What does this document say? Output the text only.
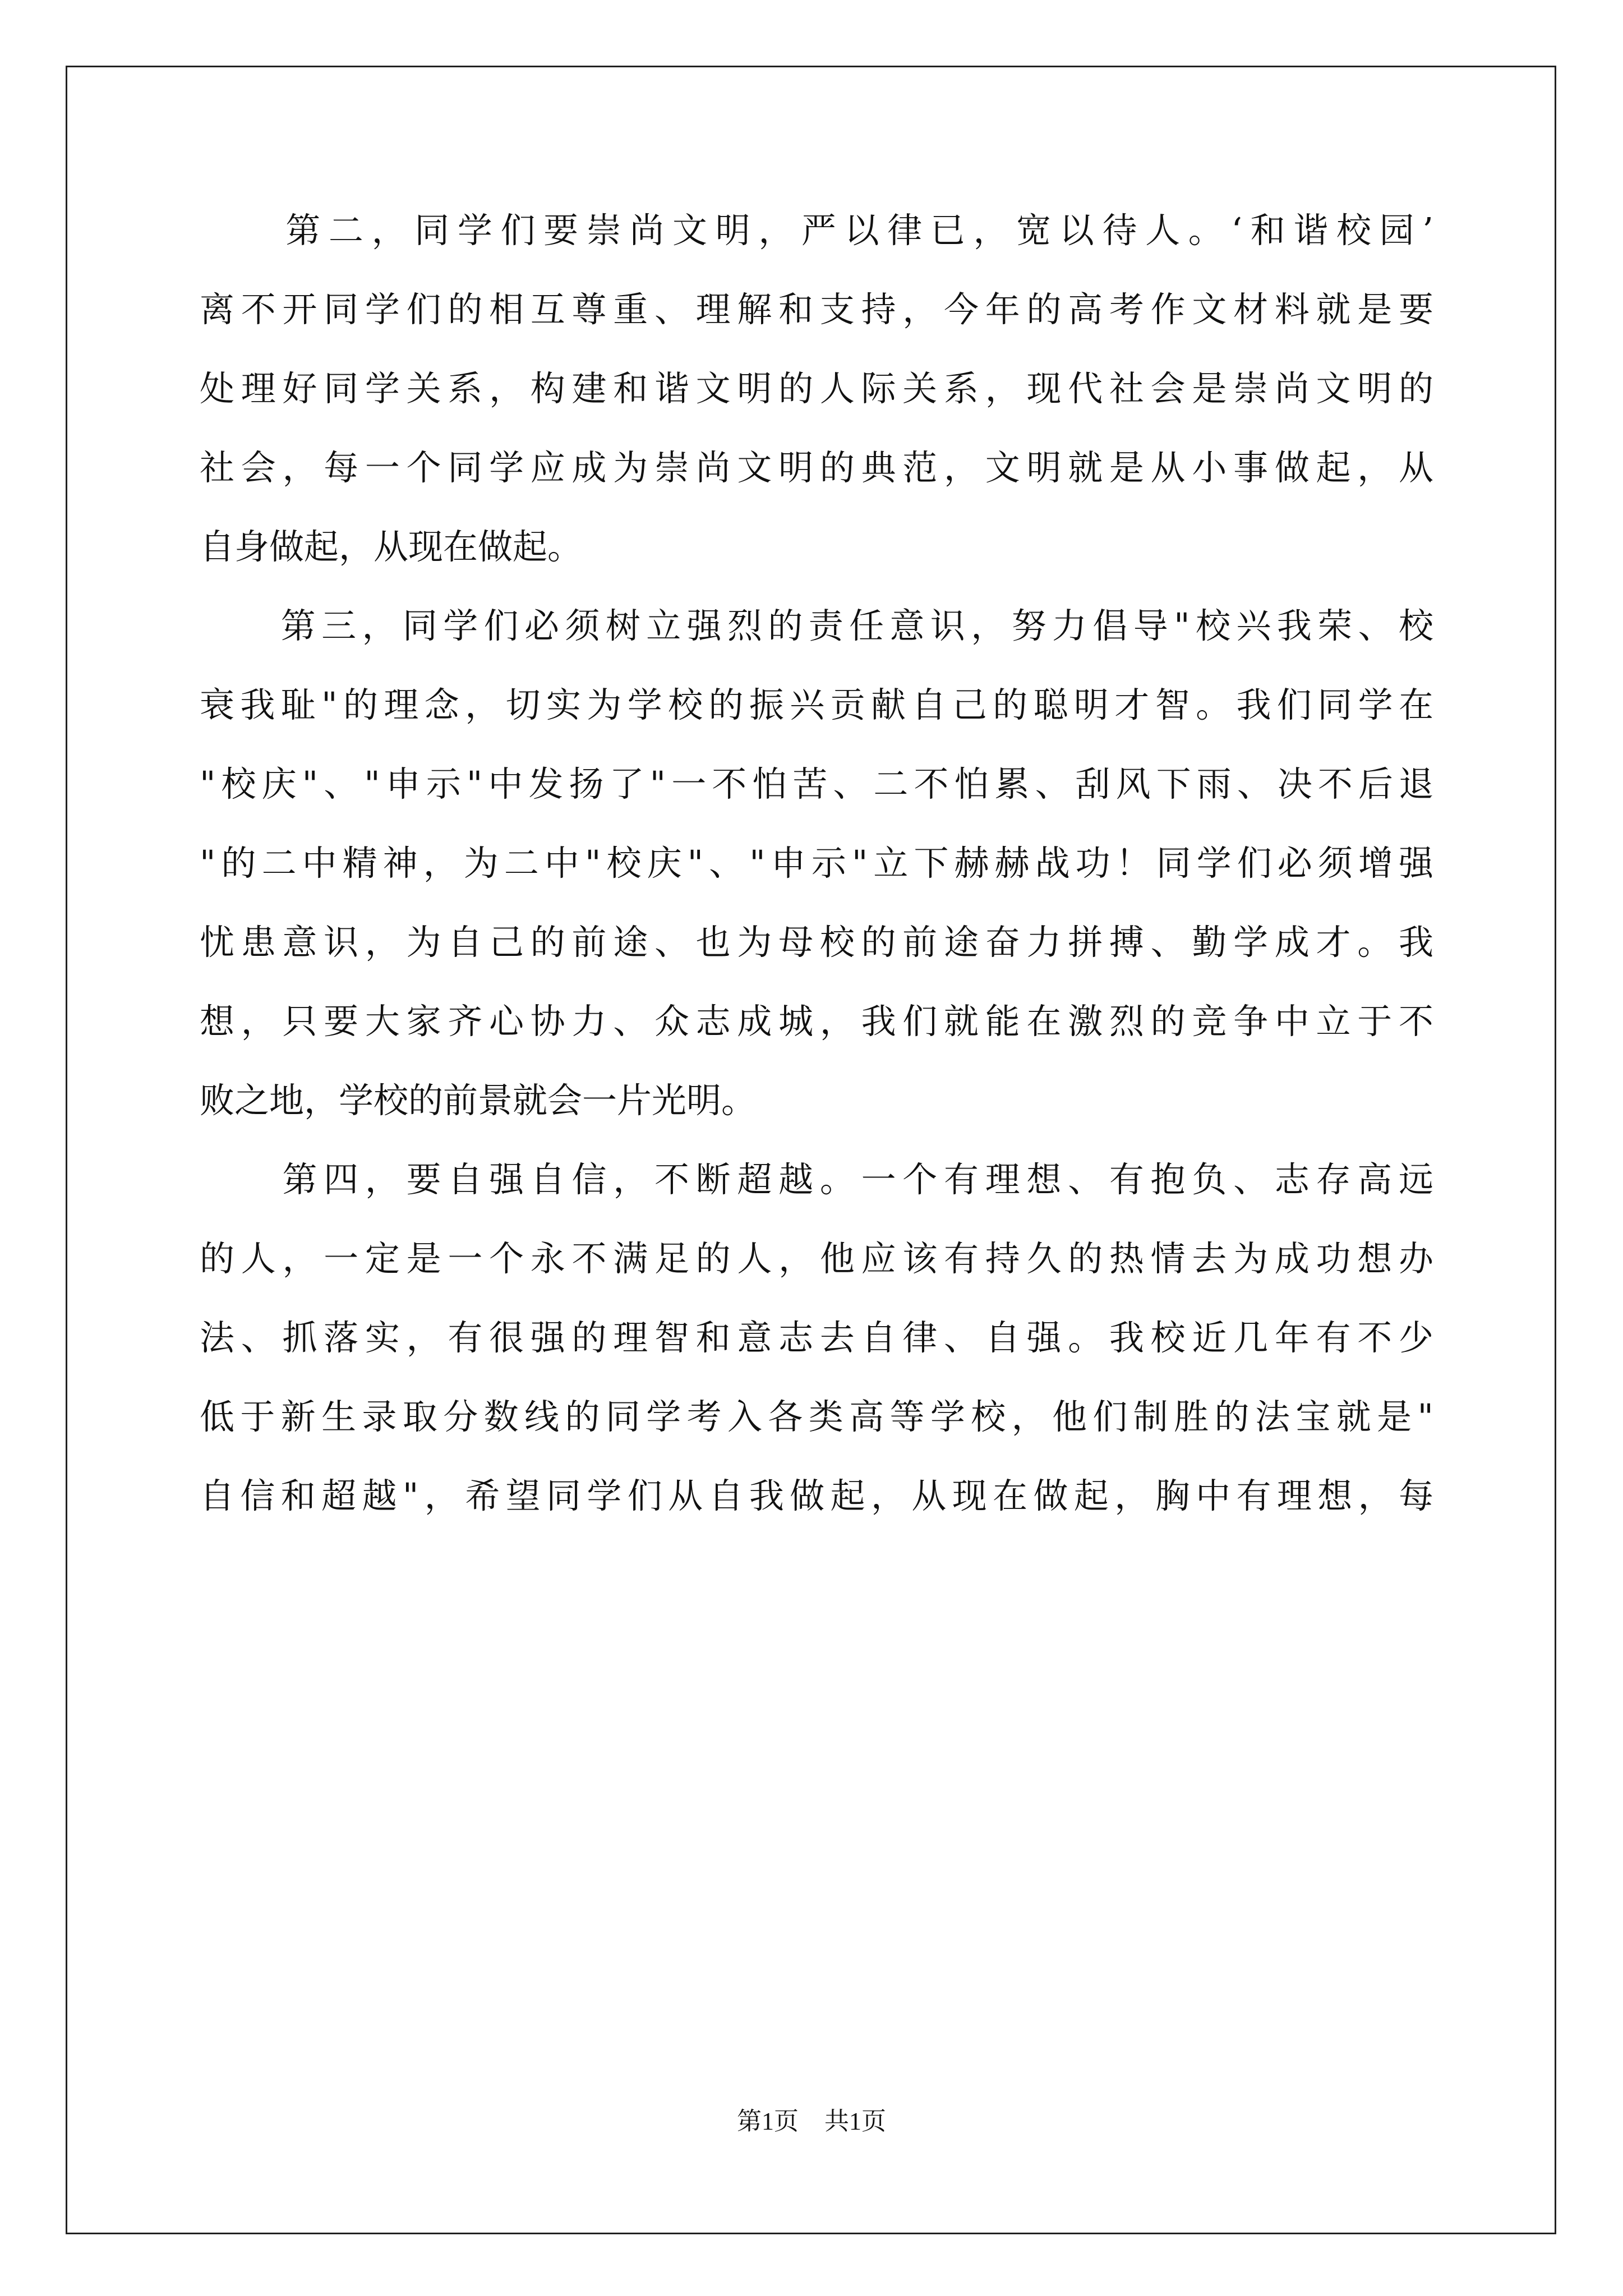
　　第二，同学们要崇尚文明，严以律已，宽以待人。‘和谐校园’
离不开同学们的相互尊重、理解和支持，今年的高考作文材料就是要
处理好同学关系，构建和谐文明的人际关系，现代社会是崇尚文明的
社会，每一个同学应成为崇尚文明的典范，文明就是从小事做起，从
自身做起，从现在做起。
　　第三，同学们必须树立强烈的责任意识，努力倡导"校兴我荣、校
衰我耻"的理念，切实为学校的振兴贡献自己的聪明才智。我们同学在
"校庆"、"申示"中发扬了"一不怕苦、二不怕累、刮风下雨、决不后退
"的二中精神，为二中"校庆"、"申示"立下赫赫战功！同学们必须增强
忧患意识，为自己的前途、也为母校的前途奋力拼搏、勤学成才。我
想，只要大家齐心协力、众志成城，我们就能在激烈的竞争中立于不
败之地，学校的前景就会一片光明。
　　第四，要自强自信，不断超越。一个有理想、有抱负、志存高远
的人，一定是一个永不满足的人，他应该有持久的热情去为成功想办
法、抓落实，有很强的理智和意志去自律、自强。我校近几年有不少
低于新生录取分数线的同学考入各类高等学校，他们制胜的法宝就是"
自信和超越"，希望同学们从自我做起，从现在做起，胸中有理想，每
第1页 共1页
